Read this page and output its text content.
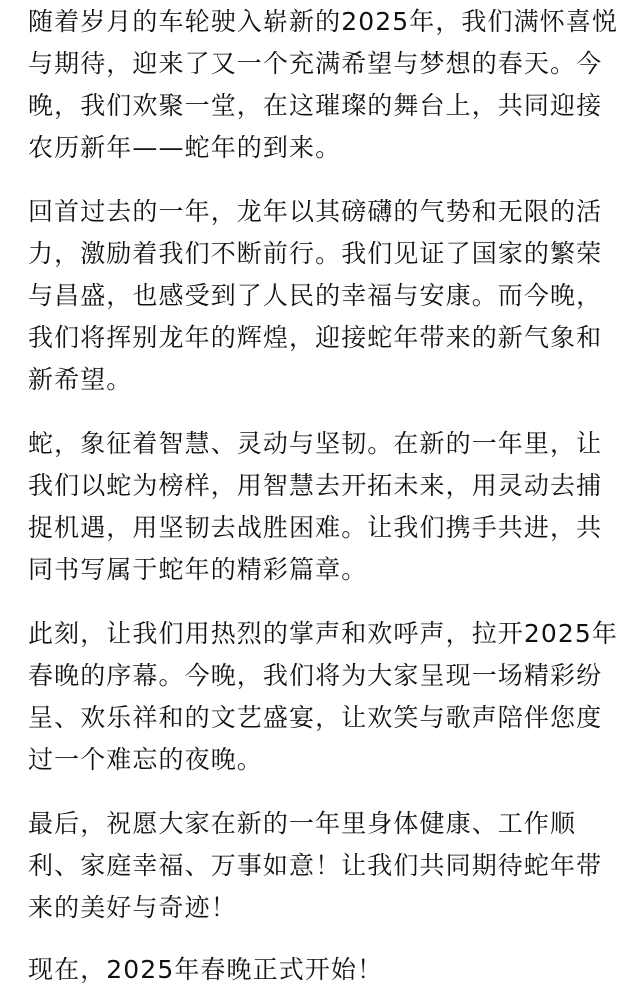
随着岁月的车轮驶入崭新的2025年，我们满怀喜悦
与期待，迎来了又一个充满希望与梦想的春天。今
晚，我们欢聚一堂，在这璀璨的舞台上，共同迎接
农历新年——蛇年的到来。

回首过去的一年，龙年以其磅礴的气势和无限的活
力，激励着我们不断前行。我们见证了国家的繁荣
与昌盛，也感受到了人民的幸福与安康。而今晚，
我们将挥别龙年的辉煌，迎接蛇年带来的新气象和
新希望。

蛇，象征着智慧、灵动与坚韧。在新的一年里，让
我们以蛇为榜样，用智慧去开拓未来，用灵动去捕
捉机遇，用坚韧去战胜困难。让我们携手共进，共
同书写属于蛇年的精彩篇章。

此刻，让我们用热烈的掌声和欢呼声，拉开2025年
春晚的序幕。今晚，我们将为大家呈现一场精彩纷
呈、欢乐祥和的文艺盛宴，让欢笑与歌声陪伴您度
过一个难忘的夜晚。

最后，祝愿大家在新的一年里身体健康、工作顺
利、家庭幸福、万事如意！让我们共同期待蛇年带
来的美好与奇迹！

现在，2025年春晚正式开始！
